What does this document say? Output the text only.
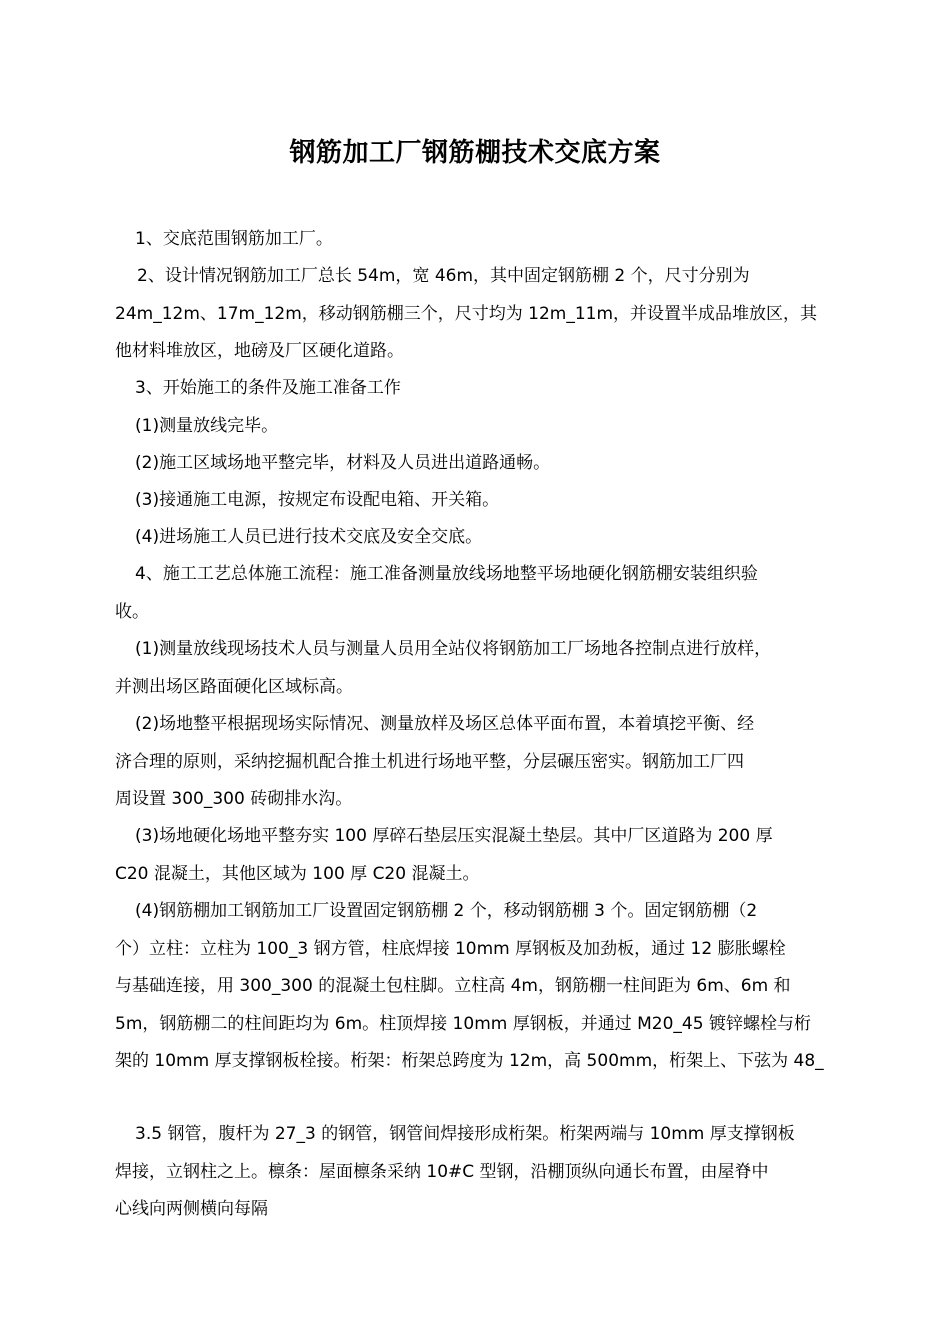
钢筋加工厂钢筋棚技术交底方案
1、交底范围钢筋加工厂。
2、设计情况钢筋加工厂总长 54m，宽 46m，其中固定钢筋棚 2 个，尺寸分别为
24m_12m、17m_12m，移动钢筋棚三个，尺寸均为 12m_11m，并设置半成品堆放区，其
他材料堆放区，地磅及厂区硬化道路。
3、开始施工的条件及施工准备工作
(1)测量放线完毕。
(2)施工区域场地平整完毕，材料及人员进出道路通畅。
(3)接通施工电源，按规定布设配电箱、开关箱。
(4)进场施工人员已进行技术交底及安全交底。
4、施工工艺总体施工流程：施工准备测量放线场地整平场地硬化钢筋棚安装组织验
收。
(1)测量放线现场技术人员与测量人员用全站仪将钢筋加工厂场地各控制点进行放样，
并测出场区路面硬化区域标高。
(2)场地整平根据现场实际情况、测量放样及场区总体平面布置，本着填挖平衡、经
济合理的原则，采纳挖掘机配合推土机进行场地平整，分层碾压密实。钢筋加工厂四
周设置 300_300 砖砌排水沟。
(3)场地硬化场地平整夯实 100 厚碎石垫层压实混凝土垫层。其中厂区道路为 200 厚
C20 混凝土，其他区域为 100 厚 C20 混凝土。
(4)钢筋棚加工钢筋加工厂设置固定钢筋棚 2 个，移动钢筋棚 3 个。固定钢筋棚（2
个）立柱：立柱为 100_3 钢方管，柱底焊接 10mm 厚钢板及加劲板，通过 12 膨胀螺栓
与基础连接，用 300_300 的混凝土包柱脚。立柱高 4m，钢筋棚一柱间距为 6m、6m 和
5m，钢筋棚二的柱间距均为 6m。柱顶焊接 10mm 厚钢板，并通过 M20_45 镀锌螺栓与桁
架的 10mm 厚支撑钢板栓接。桁架：桁架总跨度为 12m，高 500mm，桁架上、下弦为 48_
3.5 钢管，腹杆为 27_3 的钢管，钢管间焊接形成桁架。桁架两端与 10mm 厚支撑钢板
焊接，立钢柱之上。檩条：屋面檩条采纳 10#C 型钢，沿棚顶纵向通长布置，由屋脊中
心线向两侧横向每隔
